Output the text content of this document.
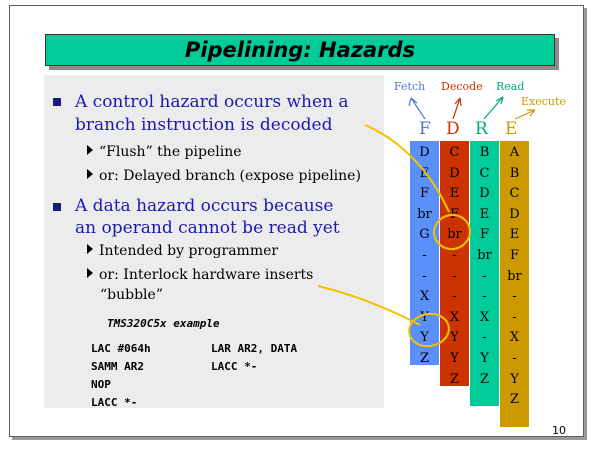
Pipelining: Hazards
A control hazard occurs when a
branch instruction is decoded
“Flush” the pipeline
or: Delayed branch (expose pipeline)
A data hazard occurs because
an operand cannot be read yet
Intended by programmer
or: Interlock hardware inserts
“bubble”
TMS320C5x example
LAC #064h
SAMM AR2
NOP
LACC *-
LAR AR2, DATA
LACC *-
Fetch Decode Read
Execute
F D R E
D
E
F
br
G
-
-
X
Y
Y
Z
C
D
E
F
br
-
-
-
X
Y
Y
Z
B
C
D
E
F
br
-
-
X
-
Y
Z
A
B
C
D
E
F
br
-
-
X
-
Y
Z
10
